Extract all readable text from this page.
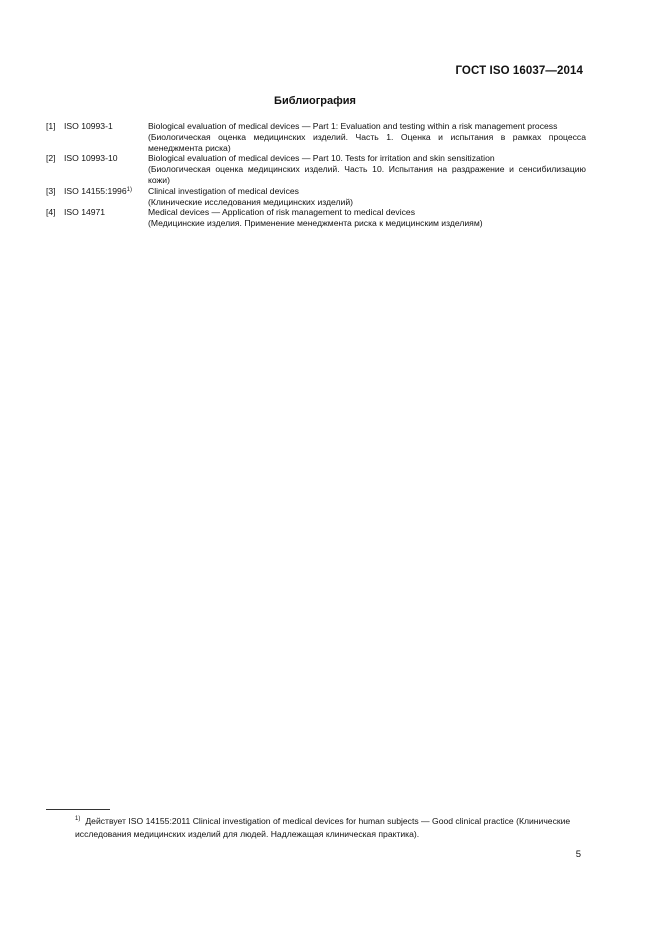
ГОСТ ISO 16037—2014
Библиография
[1] ISO 10993-1	Biological evaluation of medical devices — Part 1: Evaluation and testing within a risk management process
(Биологическая оценка медицинских изделий. Часть 1. Оценка и испытания в рамках процесса менеджмента риска)
[2] ISO 10993-10	Biological evaluation of medical devices — Part 10. Tests for irritation and skin sensitization
(Биологическая оценка медицинских изделий. Часть 10. Испытания на раздражение и сенсибилизацию кожи)
[3] ISO 14155:1996$^{1)}$	Clinical investigation of medical devices
(Клинические исследования медицинских изделий)
[4] ISO 14971	Medical devices — Application of risk management to medical devices
(Медицинские изделия. Применение менеджмента риска к медицинским изделиям)
$^{1)}$ Действует ISO 14155:2011 Clinical investigation of medical devices for human subjects — Good clinical practice (Клинические исследования медицинских изделий для людей. Надлежащая клиническая практика).
5
